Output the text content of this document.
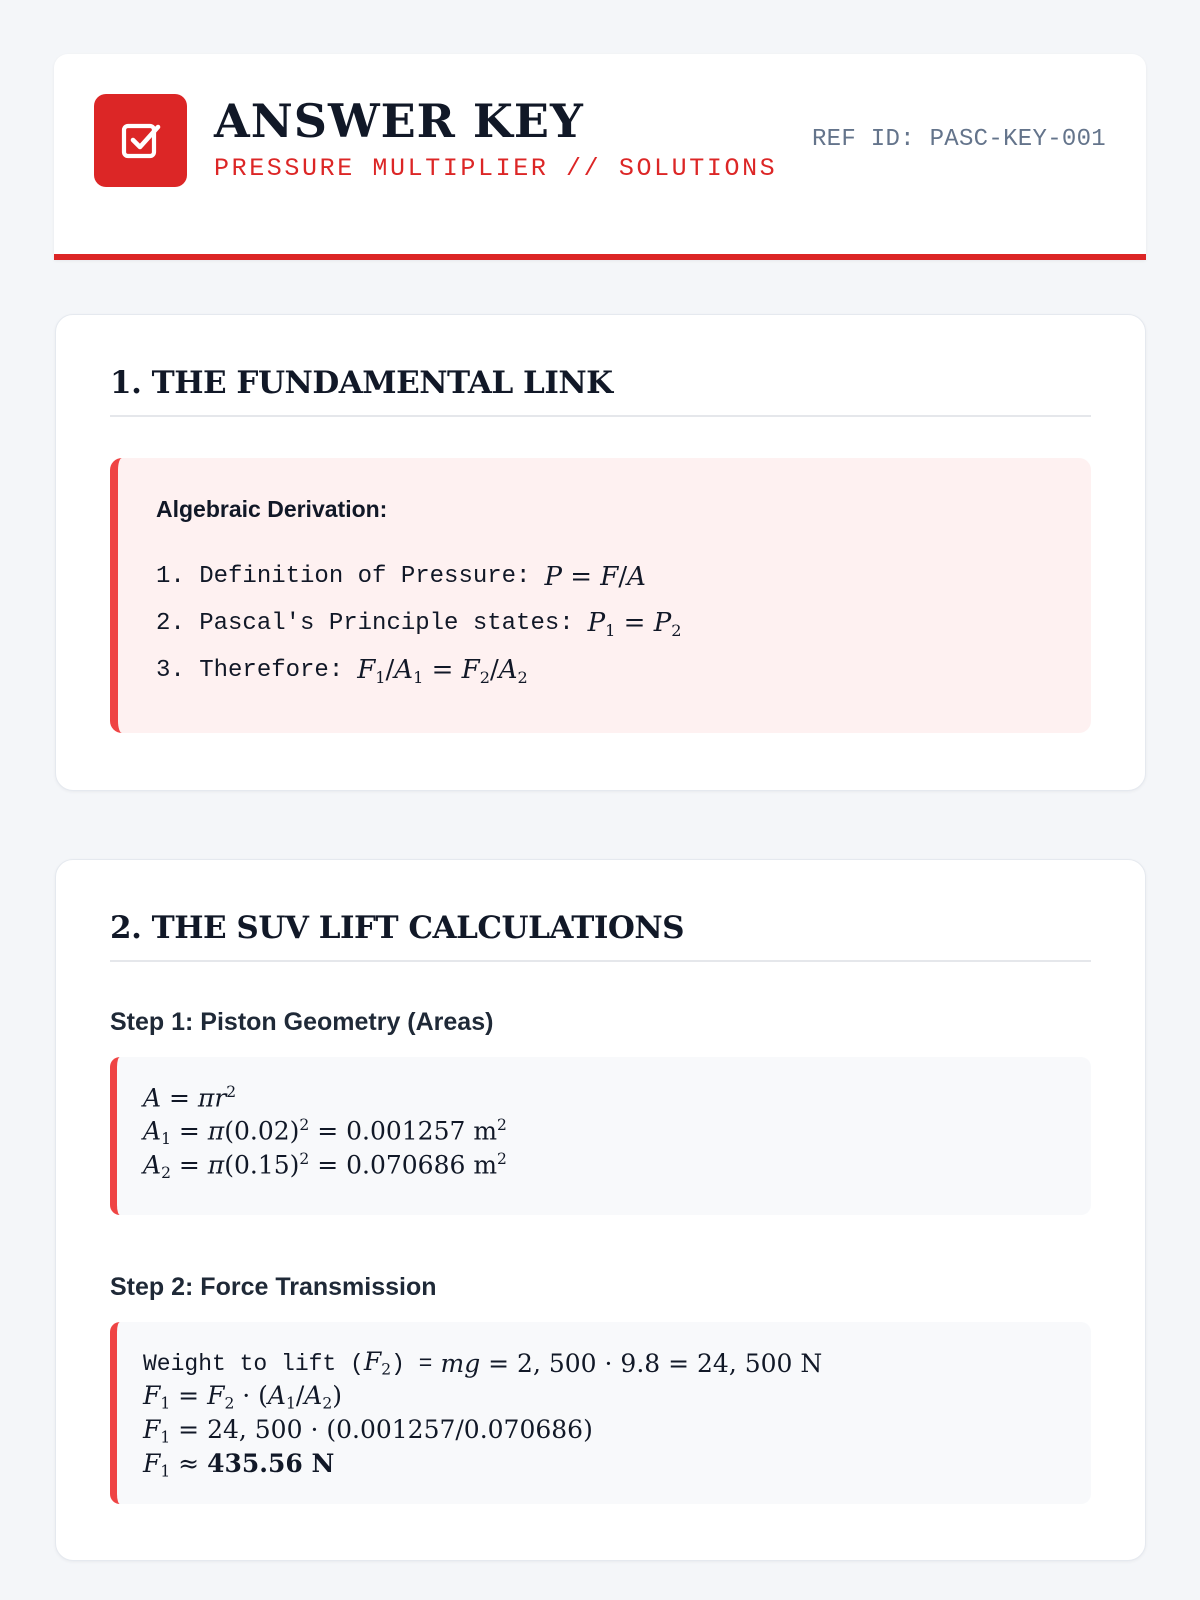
ANSWER KEY
PRESSURE MULTIPLIER // SOLUTIONS
REF ID: PASC-KEY-001
1. THE FUNDAMENTAL LINK
Algebraic Derivation:
1. Definition of Pressure: P = F/A
2. Pascal's Principle states: $P_1 = P_2$
3. Therefore: $F_1/A_1 = F_2/A_2$
2. THE SUV LIFT CALCULATIONS
Step 1: Piston Geometry (Areas)
$A = \pi r^2$
$A_1 = \pi(0.02)^2 = 0.001257$ $m^2$
$A_2 = \pi(0.15)^2 = 0.070686$ $m^2$
Step 2: Force Transmission
Weight to lift $(F_2)$ = mg = 2, 500 · 9.8 = 24, 500 N
$F_1 = F_2 \cdot (A_1/A_2)$
$F_1 = 24$, 500 · (0.001257/0.070686)
$F_1 \approx 435.56$ N
